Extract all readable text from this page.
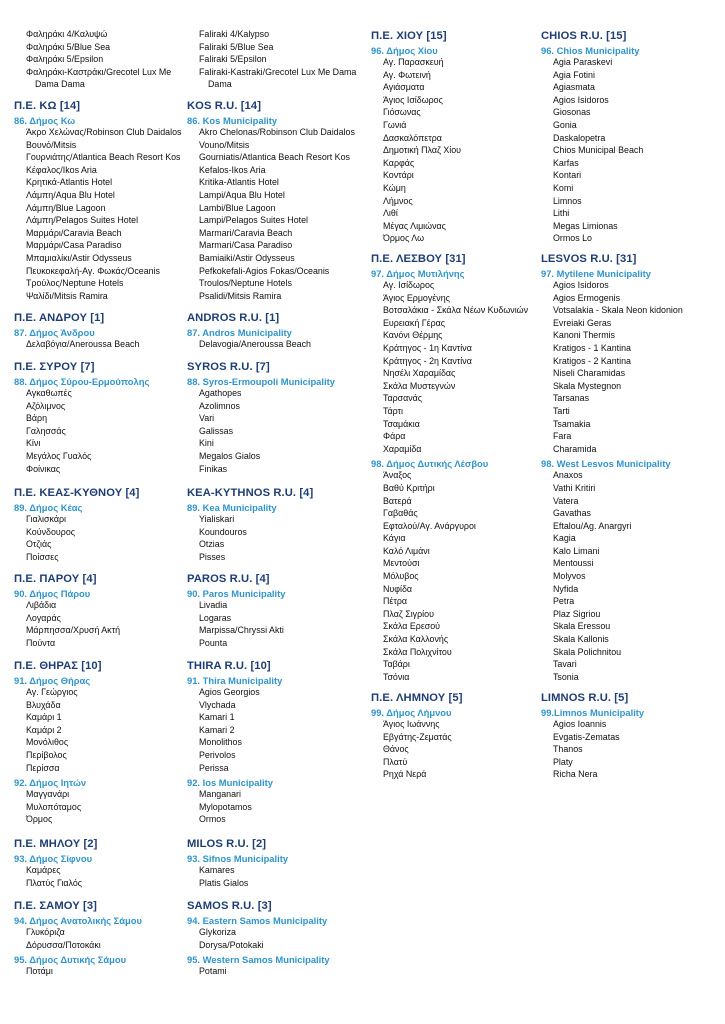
Φαληράκι 4/Καλυψώ
Φαληράκι 5/Blue Sea
Φαληράκι 5/Epsilon
Φαληράκι-Καστράκι/Grecotel Lux Me
Dama Dama
Π.Ε. ΚΩ [14]
86. Δήμος Κω
Άκρο Χελώνας/Robinson Club Daidalos
Βουνό/Mitsis
Γουρνιάτης/Atlantica Beach Resort Kos
Κέφαλος/Ikos Aria
Κρητικά-Atlantis Hotel
Λάμπη/Aqua Blu Hotel
Λάμπη/Blue Lagoon
Λάμπη/Pelagos Suites Hotel
Μαρμάρι/Caravia Beach
Μαρμάρι/Casa Paradiso
Μπαμιαλίκι/Astir Odysseus
Πευκοκεφαλή-Αγ. Φωκάς/Oceanis
Τρούλος/Neptune Hotels
Ψαλίδι/Mitsis Ramira
Π.Ε. ΑΝΔΡΟΥ [1]
87. Δήμος Άνδρου
Δελαβόγια/Aneroussa Beach
Π.Ε. ΣΥΡΟΥ [7]
88. Δήμος Σύρου-Ερμούπολης
Αγκαθωπές
Αζόλιμνος
Βάρη
Γαλησσάς
Κίνι
Μεγάλος Γυαλός
Φοίνικας
Π.Ε. ΚΕΑΣ-ΚΥΘΝΟΥ [4]
89. Δήμος Κέας
Γιαλισκάρι
Κούνδουρος
Οτζιάς
Ποίσσες
Π.Ε. ΠΑΡΟΥ [4]
90. Δήμος Πάρου
Λιβάδια
Λογαράς
Μάρπησσα/Χρυσή Ακτή
Πούντα
Π.Ε. ΘΗΡΑΣ [10]
91. Δήμος Θήρας
Αγ. Γεώργιος
Βλυχάδα
Καμάρι 1
Καμάρι 2
Μονόλιθος
Περίβολος
Περίσσα
92. Δήμος Ιητών
Μαγγανάρι
Μυλοπόταμος
Όρμος
Π.Ε. ΜΗΛΟΥ [2]
93. Δήμος Σίφνου
Καμάρες
Πλατύς Γιαλός
Π.Ε. ΣΑΜΟΥ [3]
94. Δήμος Ανατολικής Σάμου
Γλυκόριζα
Δόρυσσα/Ποτοκάκι
95. Δήμος Δυτικής Σάμου
Ποτάμι
Faliraki 4/Kalypso
Faliraki 5/Blue Sea
Faliraki 5/Epsilon
Faliraki-Kastraki/Grecotel Lux Me Dama
Dama
KOS R.U. [14]
86. Kos Municipality
Akro Chelonas/Robinson Club Daidalos
Vouno/Mitsis
Gourniatis/Atlantica Beach Resort Kos
Kefalos-Ikos Aria
Kritika-Atlantis Hotel
Lampi/Aqua Blu Hotel
Lambi/Blue Lagoon
Lampi/Pelagos Suites Hotel
Marmari/Caravia Beach
Marmari/Casa Paradiso
Bamiaiki/Astir Odysseus
Pefkokefali-Agios Fokas/Oceanis
Troulos/Neptune Hotels
Psalidi/Mitsis Ramira
ANDROS R.U. [1]
87. Andros Municipality
Delavogia/Aneroussa Beach
SYROS R.U. [7]
88. Syros-Ermoupoli Municipality
Agathopes
Azolimnos
Vari
Galissas
Kini
Megalos Gialos
Finikas
KEA-KYTHNOS R.U. [4]
89. Kea Municipality
Yialiskari
Koundouros
Otzias
Pisses
PAROS R.U. [4]
90. Paros Municipality
Livadia
Logaras
Marpissa/Chryssi Akti
Pounta
THIRA R.U. [10]
91. Thira Municipality
Agios Georgios
Vlychada
Kamari 1
Kamari 2
Monolithos
Perivolos
Perissa
92. Ios Municipality
Manganari
Mylopotamos
Ormos
MILOS R.U. [2]
93. Sifnos Municipality
Kamares
Platis Gialos
SAMOS R.U. [3]
94. Eastern Samos Municipality
Glykoriza
Dorysa/Potokaki
95. Western Samos Municipality
Potami
Π.Ε. ΧΙΟΥ [15]
96. Δήμος Χίου
Αγ. Παρασκευή
Αγ. Φωτεινή
Αγιάσματα
Άγιος Ισίδωρος
Γιόσωνας
Γωνιά
Δασκαλόπετρα
Δημοτική Πλαζ Χίου
Καρφάς
Κοντάρι
Κώμη
Λήμνος
Λιθί
Μέγας Λιμιώνας
Όρμος Λω
Π.Ε. ΛΕΣΒΟΥ [31]
97. Δήμος Μυτιλήνης
Αγ. Ισίδωρος
Άγιος Ερμογένης
Βοτσαλάκια - Σκάλα Νέων Κυδωνιών
Ευρειακή Γέρας
Κανόνι Θέρμης
Κράτηγος - 1η Καντίνα
Κράτηγος - 2η Καντίνα
Νησέλι Χαραμίδας
Σκάλα Μυστεγνών
Ταρσανάς
Τάρτι
Τσαμάκια
Φάρα
Χαραμίδα
98. Δήμος Δυτικής Λέσβου
Άναξος
Βαθύ Κριτήρι
Βατερά
Γαβαθάς
Εφταλού/Αγ. Ανάργυροι
Κάγια
Καλό Λιμάνι
Μεντούσι
Μόλυβος
Νυφίδα
Πέτρα
Πλαζ Σιγρίου
Σκάλα Ερεσού
Σκάλα Καλλονής
Σκάλα Πολιχνίτου
Ταβάρι
Τσόνια
Π.Ε. ΛΗΜΝΟΥ [5]
99. Δήμος Λήμνου
Άγιος Ιωάννης
Εβγάτης-Ζεματάς
Θάνος
Πλατύ
Ρηχά Νερά
CHIOS R.U. [15]
96. Chios Municipality
Agia Paraskevi
Agia Fotini
Agiasmata
Agios Isidoros
Giosonas
Gonia
Daskalopetra
Chios Municipal Beach
Karfas
Kontari
Komi
Limnos
Lithi
Megas Limionas
Ormos Lo
LESVOS R.U. [31]
97. Mytilene Municipality
Agios Isidoros
Agios Ermogenis
Votsalakia - Skala Neon kidonion
Evreiaki Geras
Kanoni Thermis
Kratigos - 1 Kantina
Kratigos - 2 Kantina
Niseli Charamidas
Skala Mystegnon
Tarsanas
Tarti
Tsamakia
Fara
Charamida
98. West Lesvos Municipality
Anaxos
Vathi Kritiri
Vatera
Gavathas
Eftalou/Ag. Anargyri
Kagia
Kalo Limani
Mentoussi
Molyvos
Nyfida
Petra
Plaz Sigriou
Skala Eressou
Skala Kallonis
Skala Polichnitou
Tavari
Tsonia
LIMNOS R.U. [5]
99.Limnos Municipality
Agios Ioannis
Evgatis-Zematas
Thanos
Platy
Richa Nera
